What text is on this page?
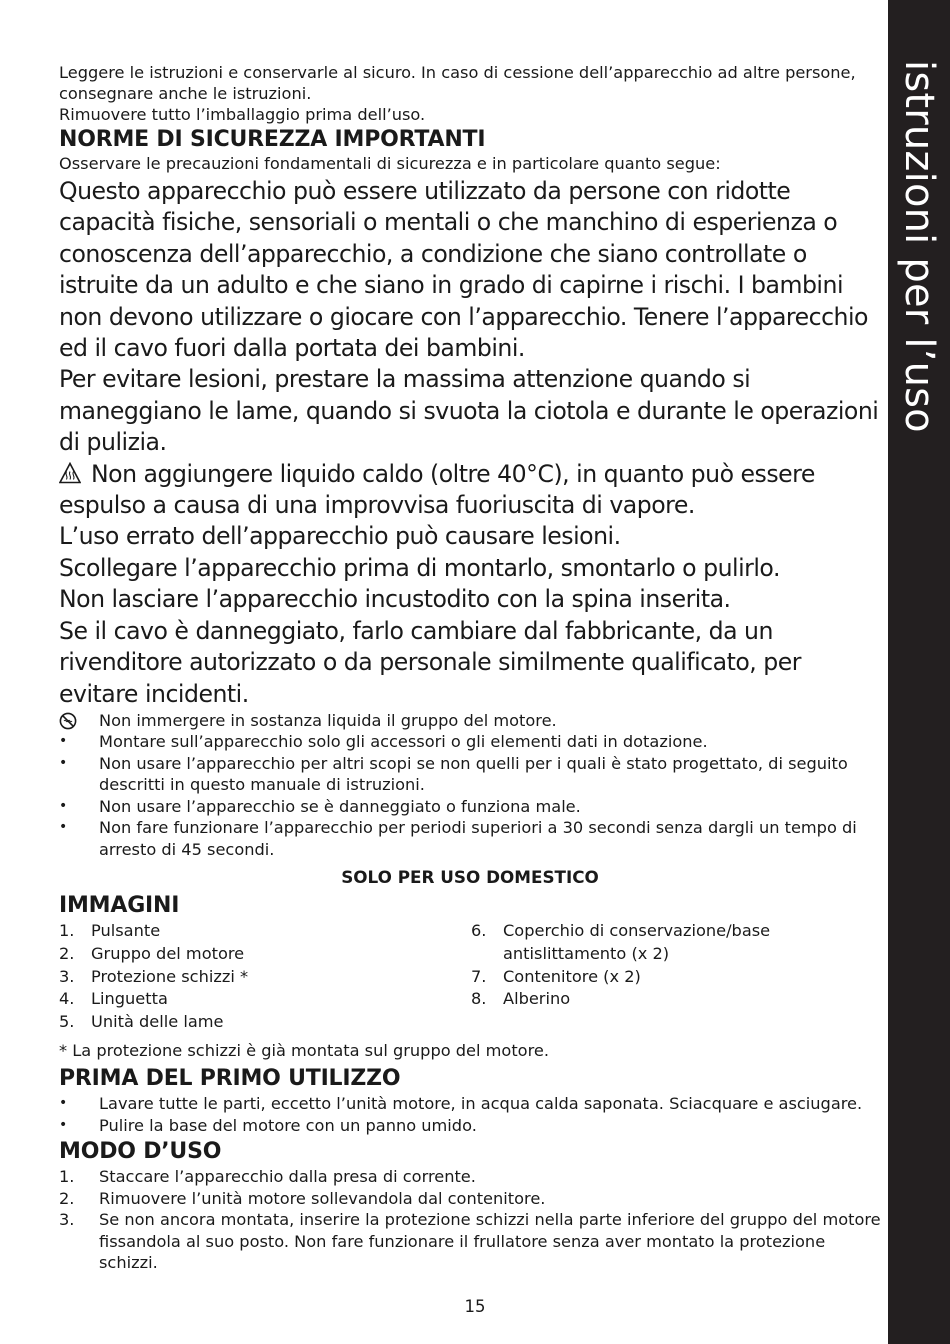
istruzioni per l’uso

Leggere le istruzioni e conservarle al sicuro. In caso di cessione dell’apparecchio ad altre persone, consegnare anche le istruzioni.

Rimuovere tutto l’imballaggio prima dell’uso.

NORME DI SICUREZZA IMPORTANTI

Osservare le precauzioni fondamentali di sicurezza e in particolare quanto segue:

Questo apparecchio può essere utilizzato da persone con ridotte capacità fisiche, sensoriali o mentali o che manchino di esperienza o conoscenza dell’apparecchio, a condizione che siano controllate o istruite da un adulto e che siano in grado di capirne i rischi. I bambini non devono utilizzare o giocare con l’apparecchio. Tenere l’apparecchio ed il cavo fuori dalla portata dei bambini.

Per evitare lesioni, prestare la massima attenzione quando si maneggiano le lame, quando si svuota la ciotola e durante le operazioni di pulizia.

Non aggiungere liquido caldo (oltre 40°C), in quanto può essere espulso a causa di una improvvisa fuoriuscita di vapore.

L’uso errato dell’apparecchio può causare lesioni.

Scollegare l’apparecchio prima di montarlo, smontarlo o pulirlo.

Non lasciare l’apparecchio incustodito con la spina inserita.

Se il cavo è danneggiato, farlo cambiare dal fabbricante, da un rivenditore autorizzato o da personale similmente qualificato, per evitare incidenti.

Non immergere in sostanza liquida il gruppo del motore.
•	Montare sull’apparecchio solo gli accessori o gli elementi dati in dotazione.
•	Non usare l’apparecchio per altri scopi se non quelli per i quali è stato progettato, di seguito descritti in questo manuale di istruzioni.
•	Non usare l’apparecchio se è danneggiato o funziona male.
•	Non fare funzionare l’apparecchio per periodi superiori a 30 secondi senza dargli un tempo di arresto di 45 secondi.
SOLO PER USO DOMESTICO
IMMAGINI
1. Pulsante
2. Gruppo del motore
3. Protezione schizzi *
4. Linguetta
5. Unità delle lame
6. Coperchio di conservazione/base antislittamento (x 2)
7. Contenitore (x 2)
8. Alberino

* La protezione schizzi è già montata sul gruppo del motore.

PRIMA DEL PRIMO UTILIZZO
•	Lavare tutte le parti, eccetto l’unità motore, in acqua calda saponata. Sciacquare e asciugare.
•	Pulire la base del motore con un panno umido.
MODO D’USO
1.	Staccare l’apparecchio dalla presa di corrente.
2.	Rimuovere l’unità motore sollevandola dal contenitore.
3.	Se non ancora montata, inserire la protezione schizzi nella parte inferiore del gruppo del motore fissandola al suo posto. Non fare funzionare il frullatore senza aver montato la protezione schizzi.
15
